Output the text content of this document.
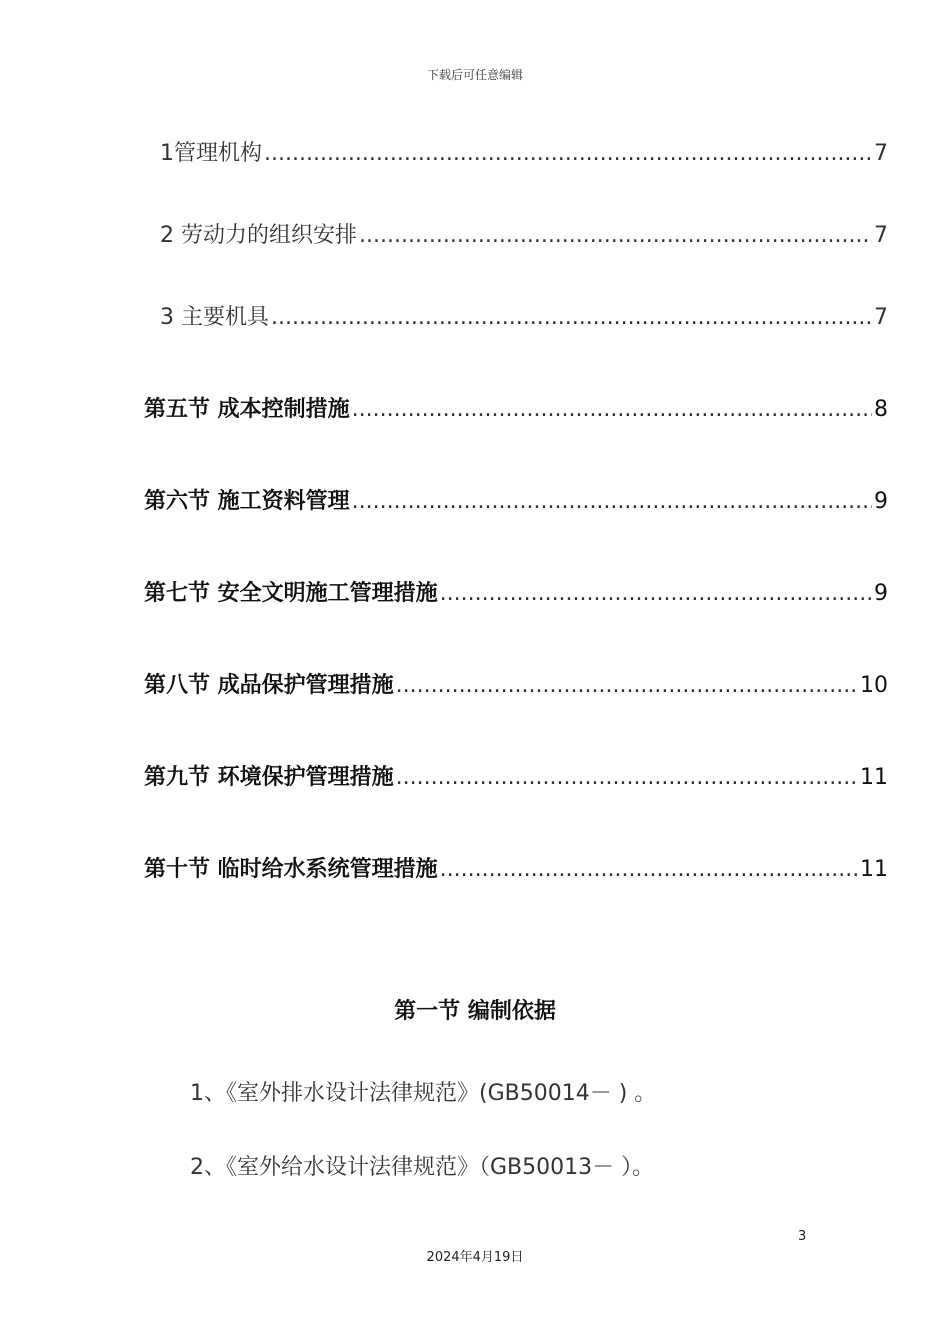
下载后可任意编辑
1管理机构 .....	7
2 劳动力的组织安排 .....	7
3 主要机具 .....	7
第五节 成本控制措施 .....	8
第六节 施工资料管理 .....	9
第七节 安全文明施工管理措施 .....	9
第八节 成品保护管理措施 .....	10
第九节 环境保护管理措施 .....	11
第十节 临时给水系统管理措施 .....	11
第一节 编制依据
1、《室外排水设计法律规范》(GB50014－ ) 。
2、《室外给水设计法律规范》（GB50013－ ）。
3
2024年4月19日
